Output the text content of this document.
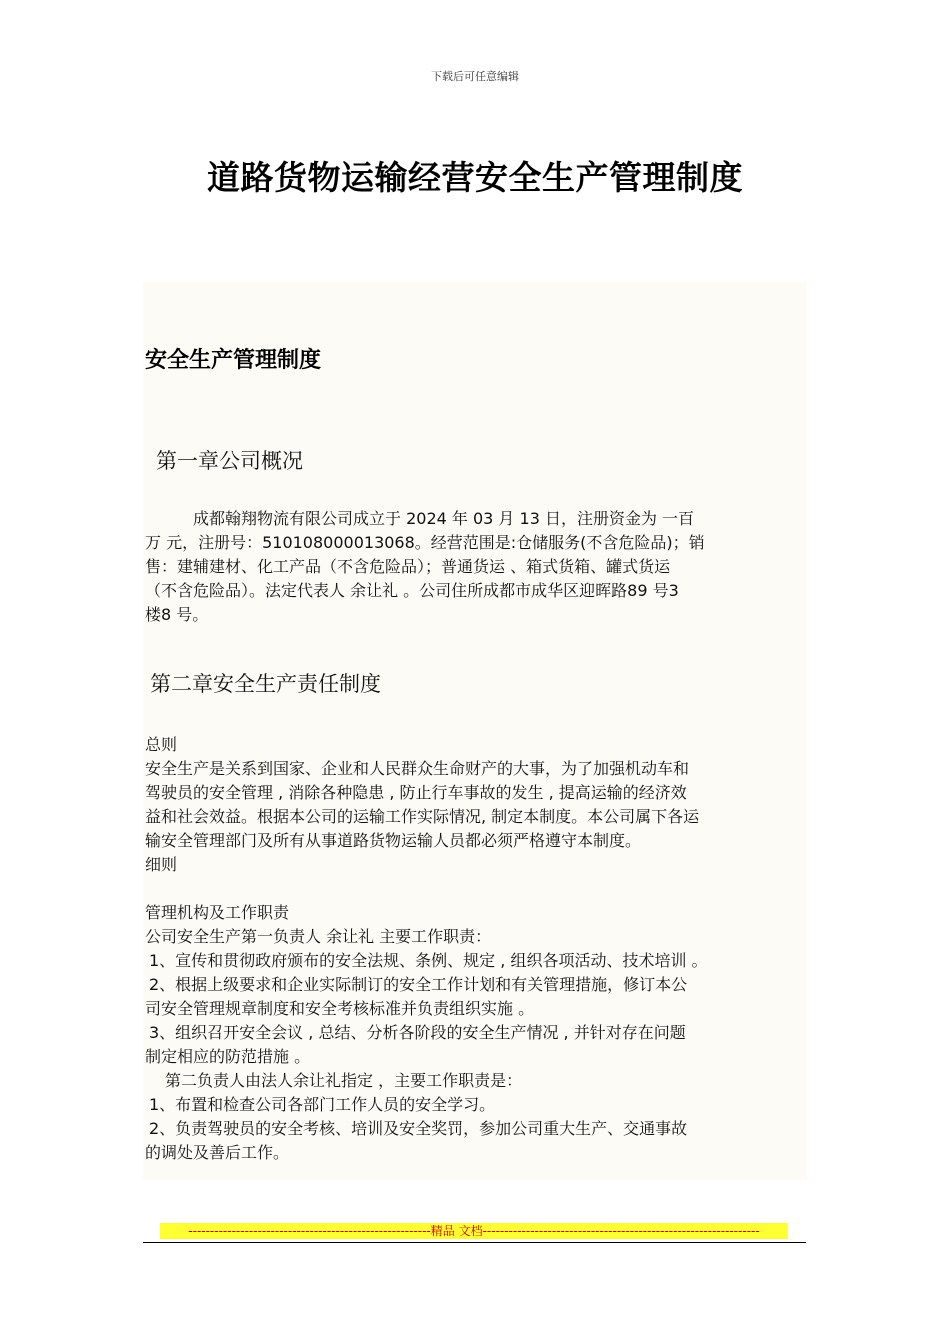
下载后可任意编辑
道路货物运输经营安全生产管理制度
安全生产管理制度
第一章公司概况
成都翰翔物流有限公司成立于 2024 年 03 月 13 日，注册资金为 一百
万 元，注册号：510108000013068。经营范围是:仓储服务(不含危险品)；销
售：建辅建材、化工产品（不含危险品）；普通货运 、箱式货箱、罐式货运
（不含危险品）。法定代表人 余让礼 。公司住所成都市成华区迎晖路89 号3
楼8 号。
第二章安全生产责任制度
总则
安全生产是关系到国家、企业和人民群众生命财产的大事，为了加强机动车和
驾驶员的安全管理 , 消除各种隐患 , 防止行车事故的发生 , 提高运输的经济效
益和社会效益。根据本公司的运输工作实际情况, 制定本制度。本公司属下各运
输安全管理部门及所有从事道路货物运输人员都必须严格遵守本制度。
细则
管理机构及工作职责
公司安全生产第一负责人 余让礼 主要工作职责：
1、宣传和贯彻政府颁布的安全法规、条例、规定 , 组织各项活动、技术培训 。
2、根据上级要求和企业实际制订的安全工作计划和有关管理措施，修订本公
司安全管理规章制度和安全考核标准并负责组织实施 。
3、组织召开安全会议 , 总结、分析各阶段的安全生产情况 , 并针对存在问题
制定相应的防范措施 。
第二负责人由法人余让礼指定 ，主要工作职责是：
1、布置和检查公司各部门工作人员的安全学习。
2、负责驾驶员的安全考核、培训及安全奖罚，参加公司重大生产、交通事故
的调处及善后工作。
--------------------------------------------------------精品 文档----------------------------------------------------------------
